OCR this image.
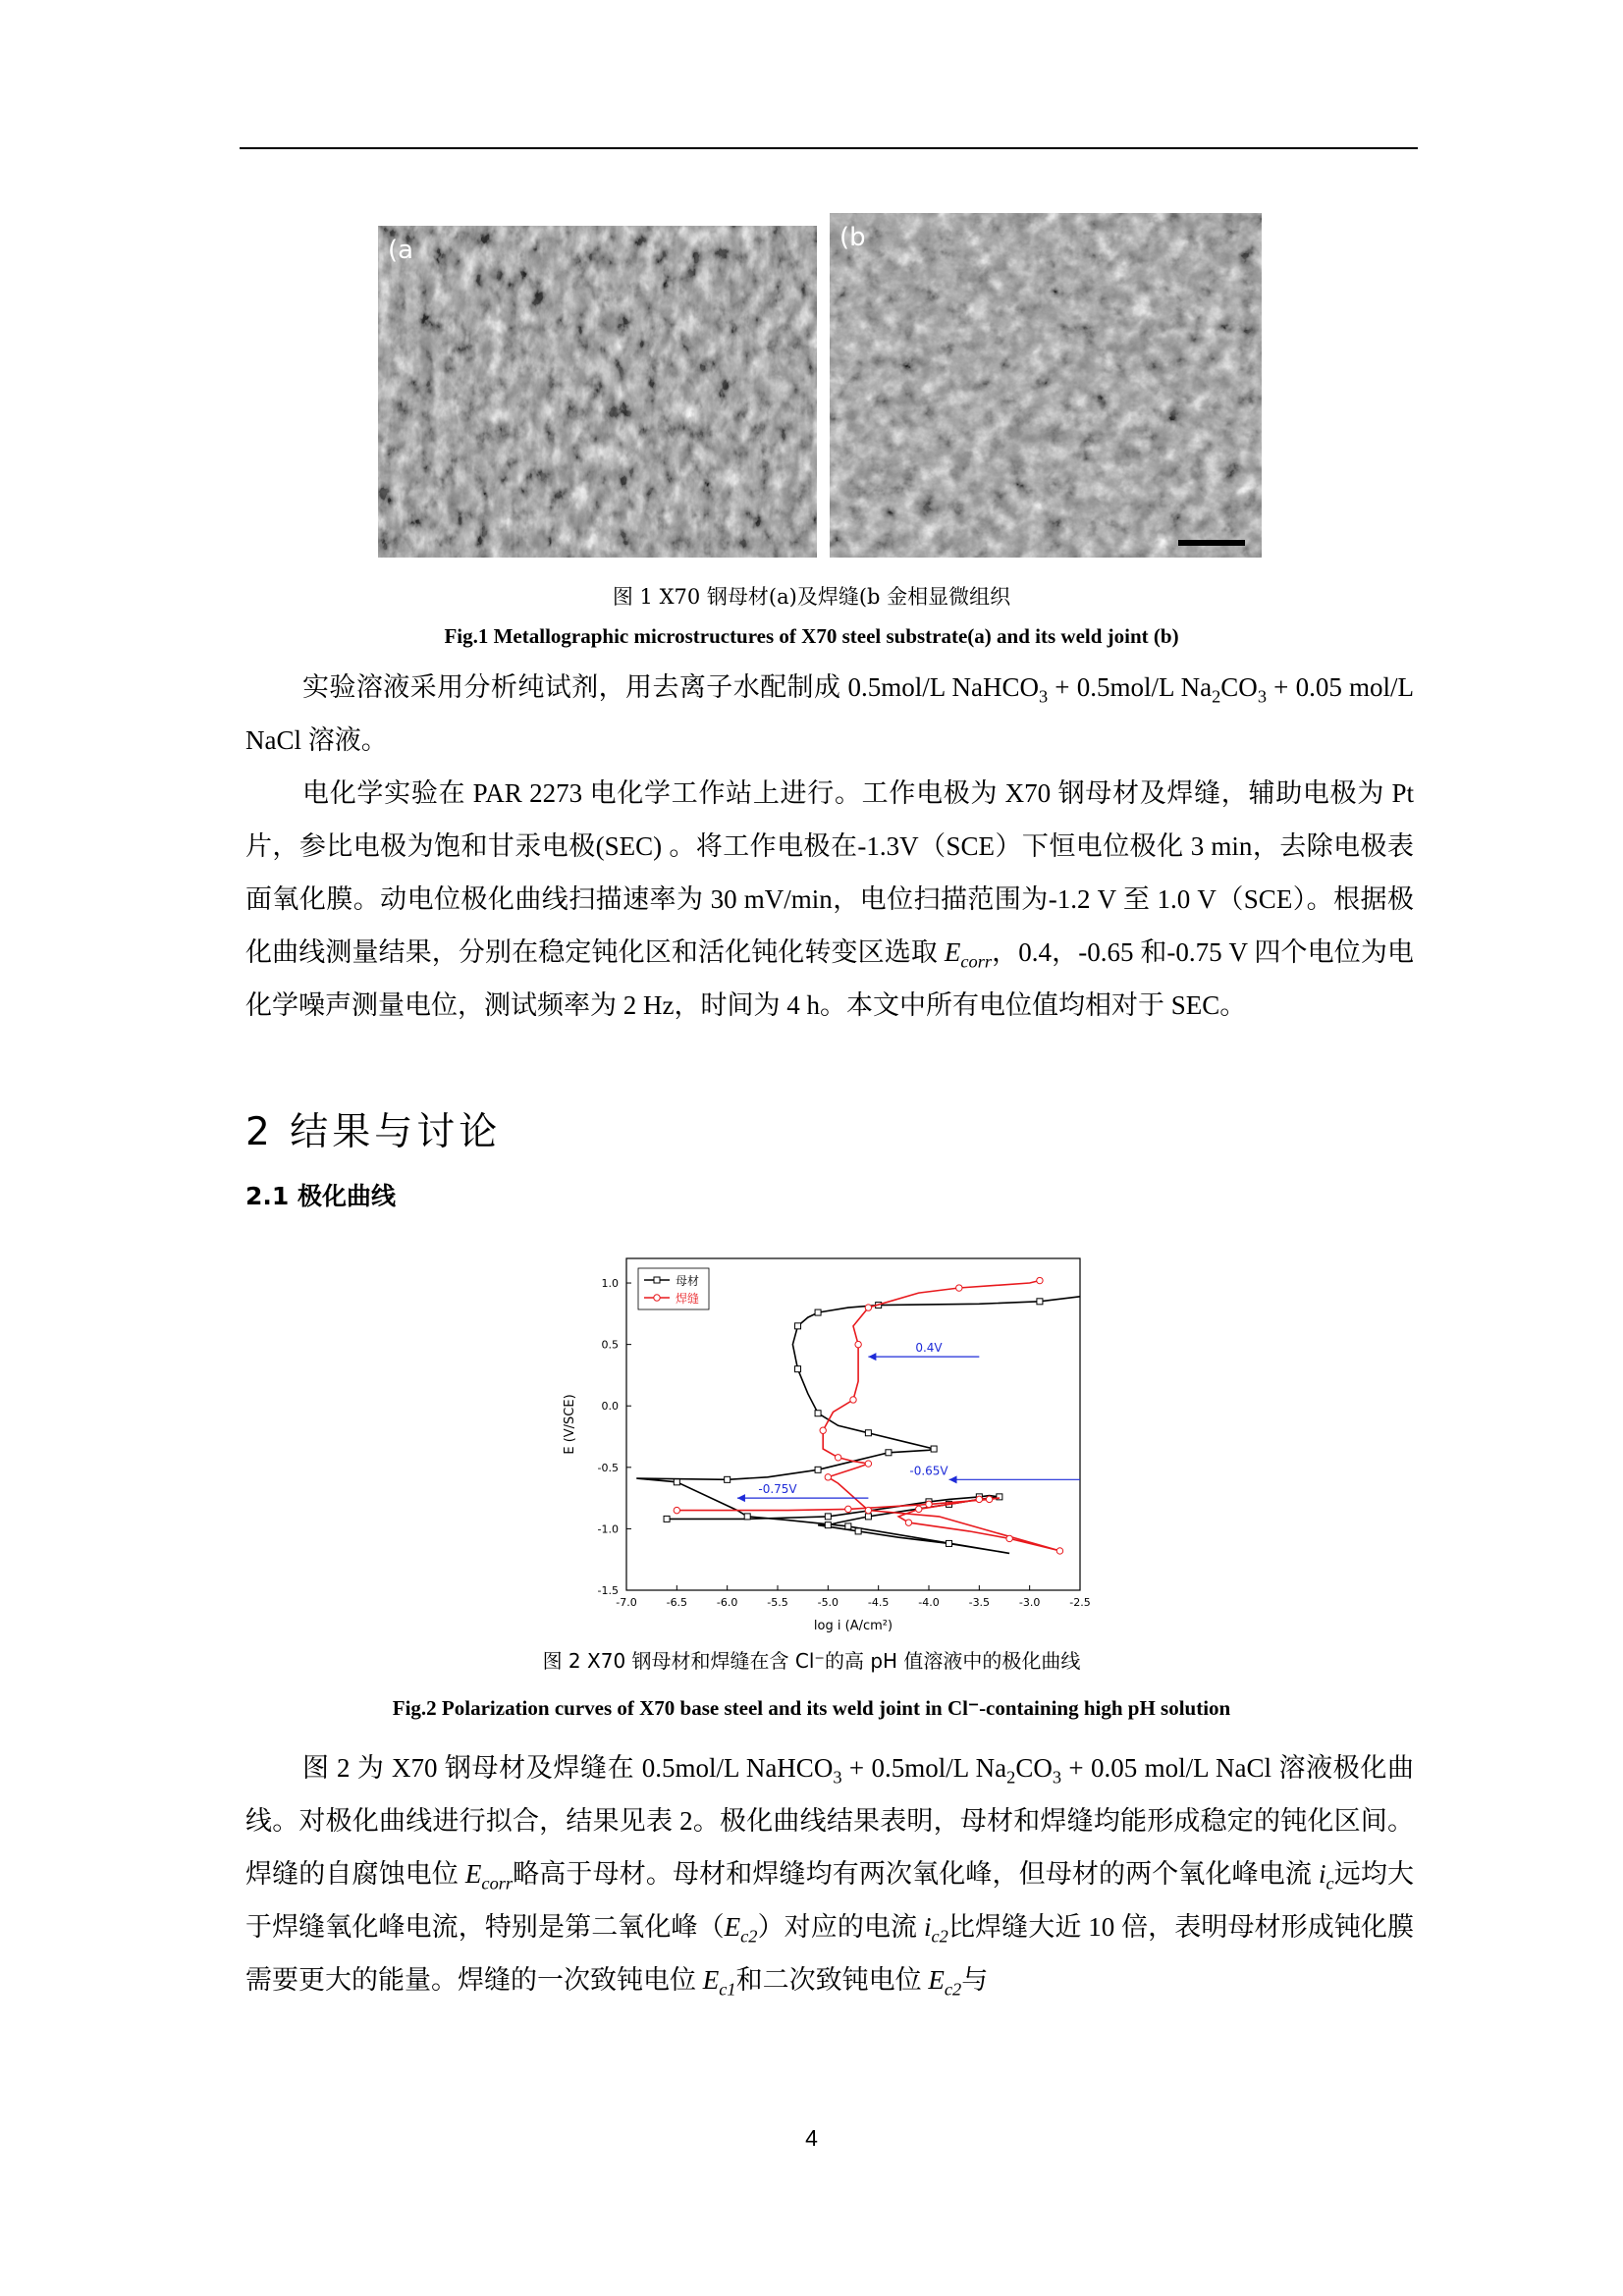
(a	(b
图 1 X70 钢母材(a)及焊缝(b 金相显微组织
Fig.1 Metallographic microstructures of X70 steel substrate(a) and its weld joint (b)
实验溶液采用分析纯试剂，用去离子水配制成 0.5mol/L NaHCO$_3$ + 0.5mol/L $Na_2CO_3 + 0.05$ mol/L NaCl 溶液。
电化学实验在 PAR 2273 电化学工作站上进行。工作电极为 X70 钢母材及焊缝，辅助电极为 Pt 片，参比电极为饱和甘汞电极(SEC) 。将工作电极在-1.3V（SCE）下恒电位极化 3 min，去除电极表面氧化膜。动电位极化曲线扫描速率为 30 mV/min，电位扫描范围为-1.2 V 至 1.0 V（SCE）。根据极化曲线测量结果，分别在稳定钝化区和活化钝化转变区选取 $E_{corr}$，0.4，-0.65 和-0.75 V 四个电位为电化学噪声测量电位，测试频率为 2 Hz，时间为 4 h。本文中所有电位值均相对于 SEC。
2 结果与讨论
2.1 极化曲线
-7.0	-6.5	-6.0	-5.5	-5.0	-4.5	-4.0	-3.5	-3.0	-2.5
-1.5
-1.0
-0.5
0.0
0.5
1.0
log i (A/cm²)
E (V/SCE)
母材
焊缝
0.4V
-0.65V
-0.75V
图 2 X70 钢母材和焊缝在含 Cl⁻的高 pH 值溶液中的极化曲线
Fig.2 Polarization curves of X70 base steel and its weld joint in Cl⁻-containing high pH solution
图 2 为 X70 钢母材及焊缝在 0.5mol/L NaHCO$_3$ + 0.5mol/L $Na_2CO_3 + 0.05$ mol/L NaCl 溶液极化曲线。对极化曲线进行拟合，结果见表 2。极化曲线结果表明，母材和焊缝均能形成稳定的钝化区间。焊缝的自腐蚀电位 $E_{corr}$略高于母材。母材和焊缝均有两次氧化峰，但母材的两个氧化峰电流 $i_c$远均大于焊缝氧化峰电流，特别是第二氧化峰$(E_{c2})$对应的电流 $i_{c2}$比焊缝大近 10 倍，表明母材形成钝化膜需要更大的能量。焊缝的一次致钝电位 $E_{c1}$和二次致钝电位 $E_{c2}$与
4
